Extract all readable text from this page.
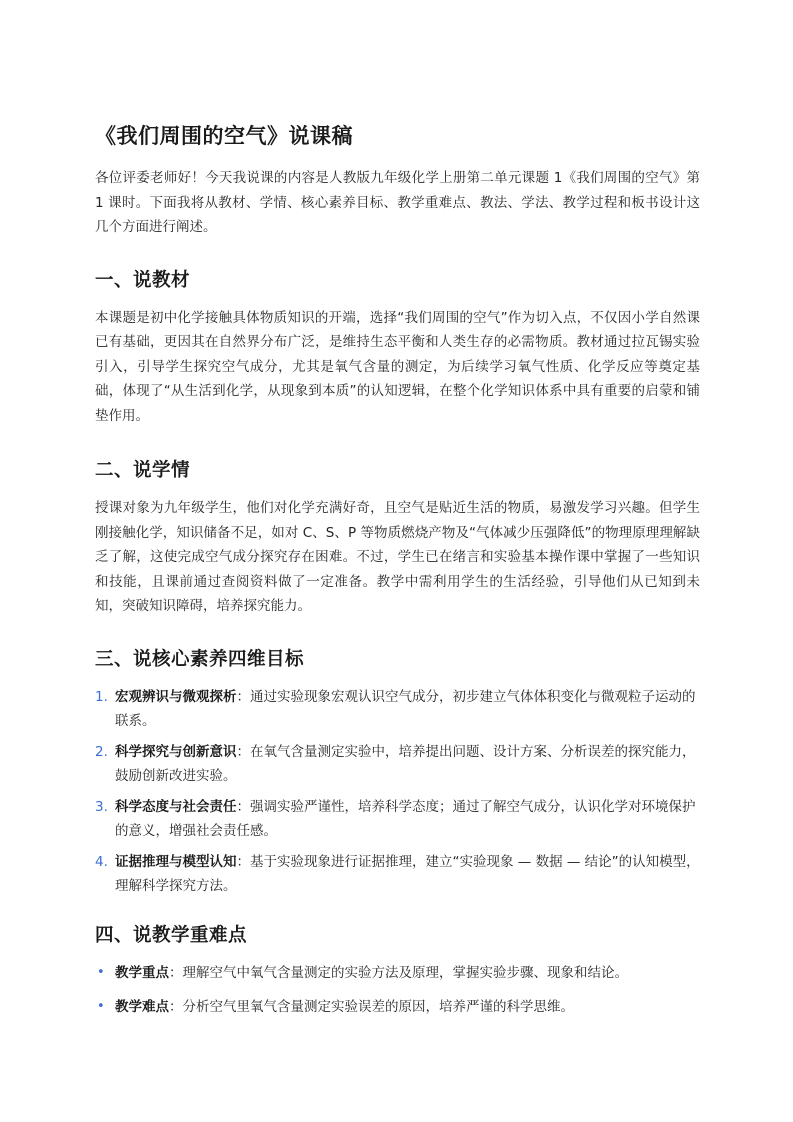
《我们周围的空气》说课稿

各位评委老师好！今天我说课的内容是人教版九年级化学上册第二单元课题 1《我们周围的空气》第 1 课时。下面我将从教材、学情、核心素养目标、教学重难点、教法、学法、教学过程和板书设计这几个方面进行阐述。

一、说教材

本课题是初中化学接触具体物质知识的开端，选择“我们周围的空气”作为切入点，不仅因小学自然课已有基础，更因其在自然界分布广泛，是维持生态平衡和人类生存的必需物质。教材通过拉瓦锡实验引入，引导学生探究空气成分，尤其是氧气含量的测定，为后续学习氧气性质、化学反应等奠定基础，体现了“从生活到化学，从现象到本质”的认知逻辑，在整个化学知识体系中具有重要的启蒙和铺垫作用。

二、说学情

授课对象为九年级学生，他们对化学充满好奇，且空气是贴近生活的物质，易激发学习兴趣。但学生刚接触化学，知识储备不足，如对 C、S、P 等物质燃烧产物及“气体减少压强降低”的物理原理理解缺乏了解，这使完成空气成分探究存在困难。不过，学生已在绪言和实验基本操作课中掌握了一些知识和技能，且课前通过查阅资料做了一定准备。教学中需利用学生的生活经验，引导他们从已知到未知，突破知识障碍，培养探究能力。

三、说核心素养四维目标
1. 宏观辨识与微观探析：通过实验现象宏观认识空气成分，初步建立气体体积变化与微观粒子运动的联系。
2. 科学探究与创新意识：在氧气含量测定实验中，培养提出问题、设计方案、分析误差的探究能力，鼓励创新改进实验。
3. 科学态度与社会责任：强调实验严谨性，培养科学态度；通过了解空气成分，认识化学对环境保护的意义，增强社会责任感。
4. 证据推理与模型认知：基于实验现象进行证据推理，建立“实验现象 — 数据 — 结论”的认知模型，理解科学探究方法。
四、说教学重难点
• 教学重点：理解空气中氧气含量测定的实验方法及原理，掌握实验步骤、现象和结论。
• 教学难点：分析空气里氧气含量测定实验误差的原因，培养严谨的科学思维。
